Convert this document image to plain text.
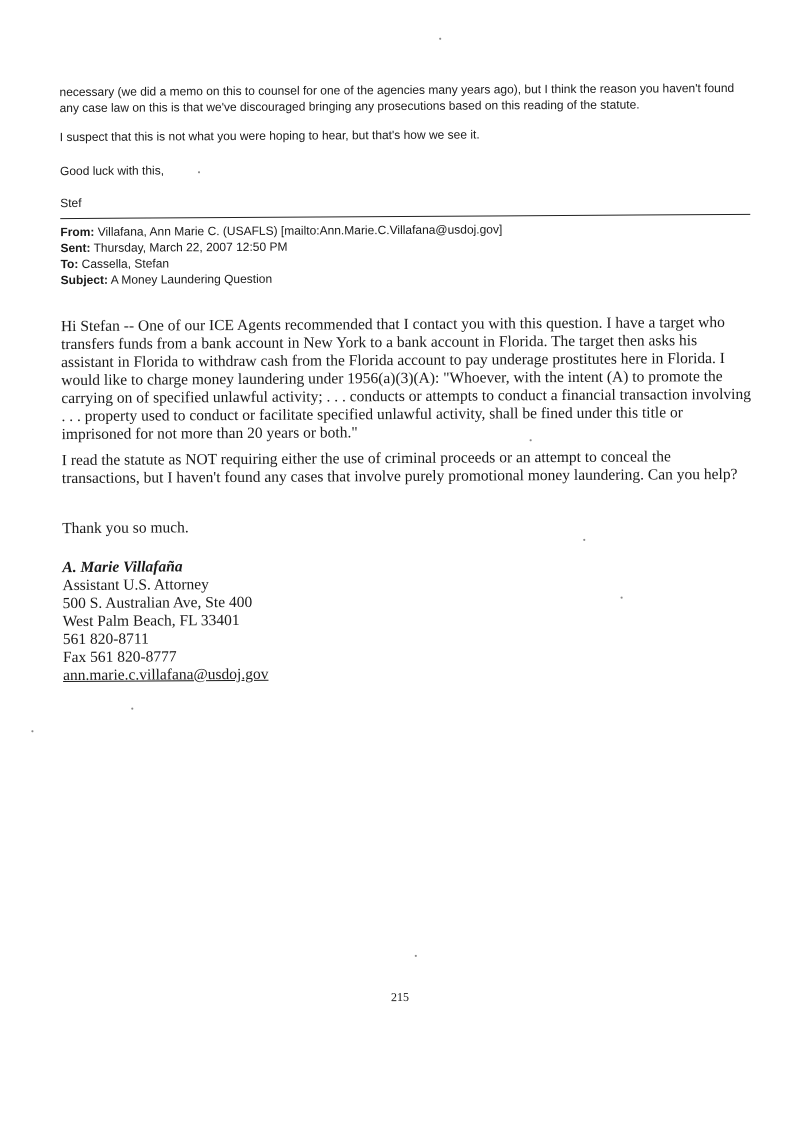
necessary (we did a memo on this to counsel for one of the agencies many years ago), but I think the reason you haven't found any case law on this is that we've discouraged bringing any prosecutions based on this reading of the statute.

I suspect that this is not what you were hoping to hear, but that's how we see it.

Good luck with this,

Stef

From: Villafana, Ann Marie C. (USAFLS) [mailto:Ann.Marie.C.Villafana@usdoj.gov]
Sent: Thursday, March 22, 2007 12:50 PM
To: Cassella, Stefan
Subject: A Money Laundering Question

Hi Stefan -- One of our ICE Agents recommended that I contact you with this question. I have a target who transfers funds from a bank account in New York to a bank account in Florida. The target then asks his assistant in Florida to withdraw cash from the Florida account to pay underage prostitutes here in Florida. I would like to charge money laundering under 1956(a)(3)(A): "Whoever, with the intent (A) to promote the carrying on of specified unlawful activity; . . . conducts or attempts to conduct a financial transaction involving . . . property used to conduct or facilitate specified unlawful activity, shall be fined under this title or imprisoned for not more than 20 years or both."

I read the statute as NOT requiring either the use of criminal proceeds or an attempt to conceal the transactions, but I haven't found any cases that involve purely promotional money laundering. Can you help?

Thank you so much.

A. Marie Villafaña
Assistant U.S. Attorney
500 S. Australian Ave, Ste 400
West Palm Beach, FL 33401
561 820-8711
Fax 561 820-8777
ann.marie.c.villafana@usdoj.gov
215
